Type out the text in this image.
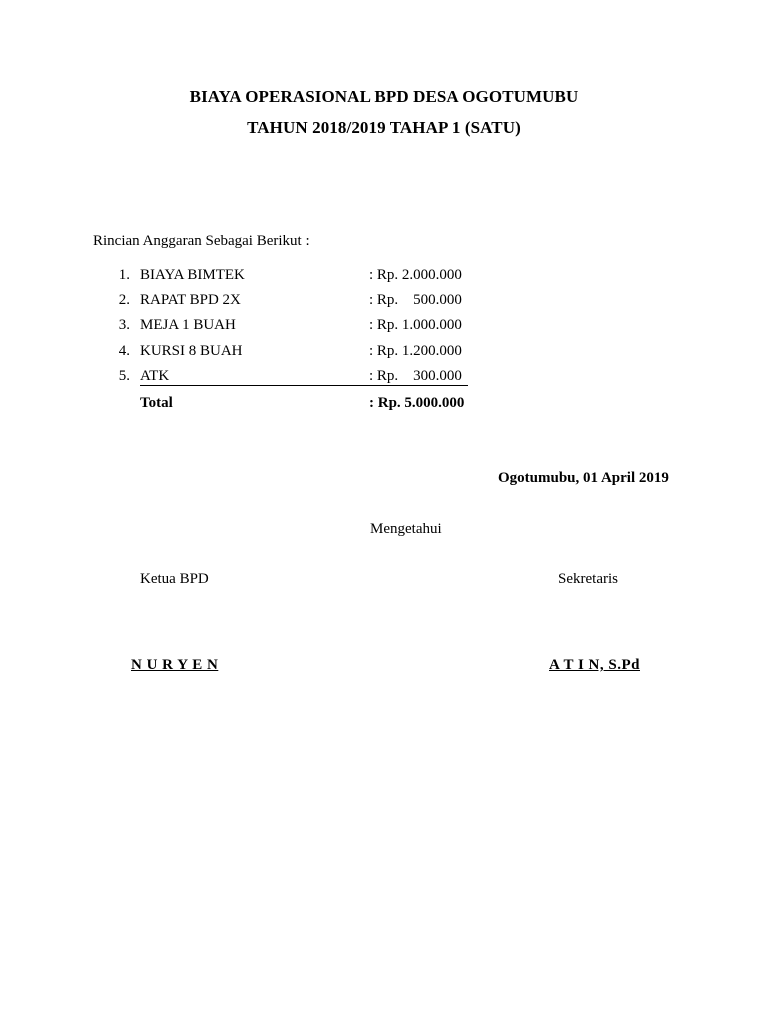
BIAYA OPERASIONAL BPD DESA OGOTUMUBU
TAHUN 2018/2019 TAHAP 1 (SATU)
Rincian Anggaran Sebagai Berikut :
1. BIAYA BIMTEK	: Rp. 2.000.000
2. RAPAT BPD 2X	: Rp.    500.000
3. MEJA 1 BUAH	: Rp. 1.000.000
4. KURSI 8 BUAH	: Rp. 1.200.000
5. ATK	: Rp.    300.000
Total	: Rp. 5.000.000
Ogotumubu, 01 April 2019
Mengetahui
Ketua BPD	Sekretaris
N U R Y E N	A T I N, S.Pd
